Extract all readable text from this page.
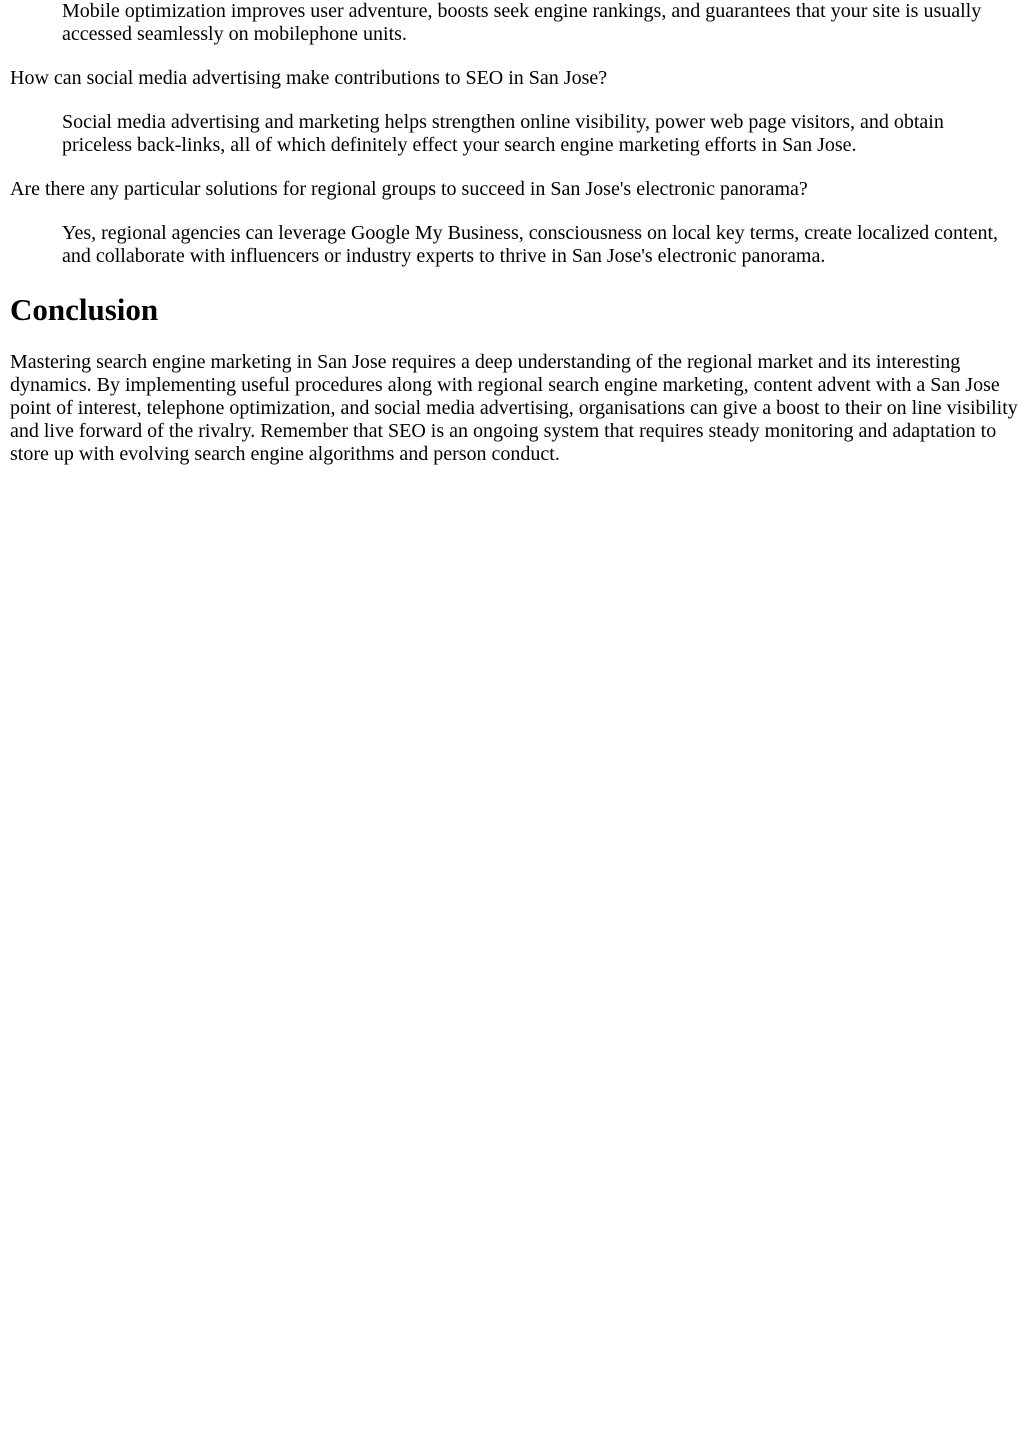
Mobile optimization improves user adventure, boosts seek engine rankings, and guarantees that your site is usually accessed seamlessly on mobilephone units.
How can social media advertising make contributions to SEO in San Jose?
Social media advertising and marketing helps strengthen online visibility, power web page visitors, and obtain priceless back-links, all of which definitely effect your search engine marketing efforts in San Jose.
Are there any particular solutions for regional groups to succeed in San Jose's electronic panorama?
Yes, regional agencies can leverage Google My Business, consciousness on local key terms, create localized content, and collaborate with influencers or industry experts to thrive in San Jose's electronic panorama.
Conclusion

Mastering search engine marketing in San Jose requires a deep understanding of the regional market and its interesting dynamics. By implementing useful procedures along with regional search engine marketing, content advent with a San Jose point of interest, telephone optimization, and social media advertising, organisations can give a boost to their on line visibility and live forward of the rivalry. Remember that SEO is an ongoing system that requires steady monitoring and adaptation to store up with evolving search engine algorithms and person conduct.
